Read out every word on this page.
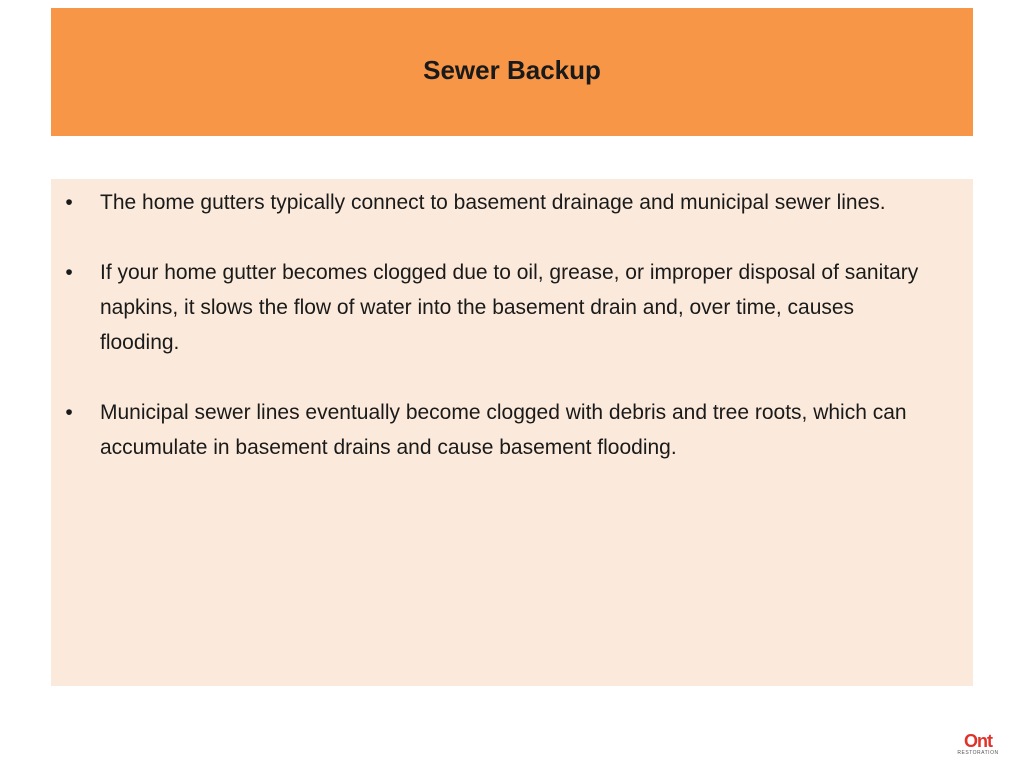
Sewer Backup
•	The home gutters typically connect to basement drainage and municipal sewer lines.
•	If your home gutter becomes clogged due to oil, grease, or improper disposal of sanitary napkins, it slows the flow of water into the basement drain and, over time, causes flooding.
•	Municipal sewer lines eventually become clogged with debris and tree roots, which can accumulate in basement drains and cause basement flooding.
Ont
RESTORATION
